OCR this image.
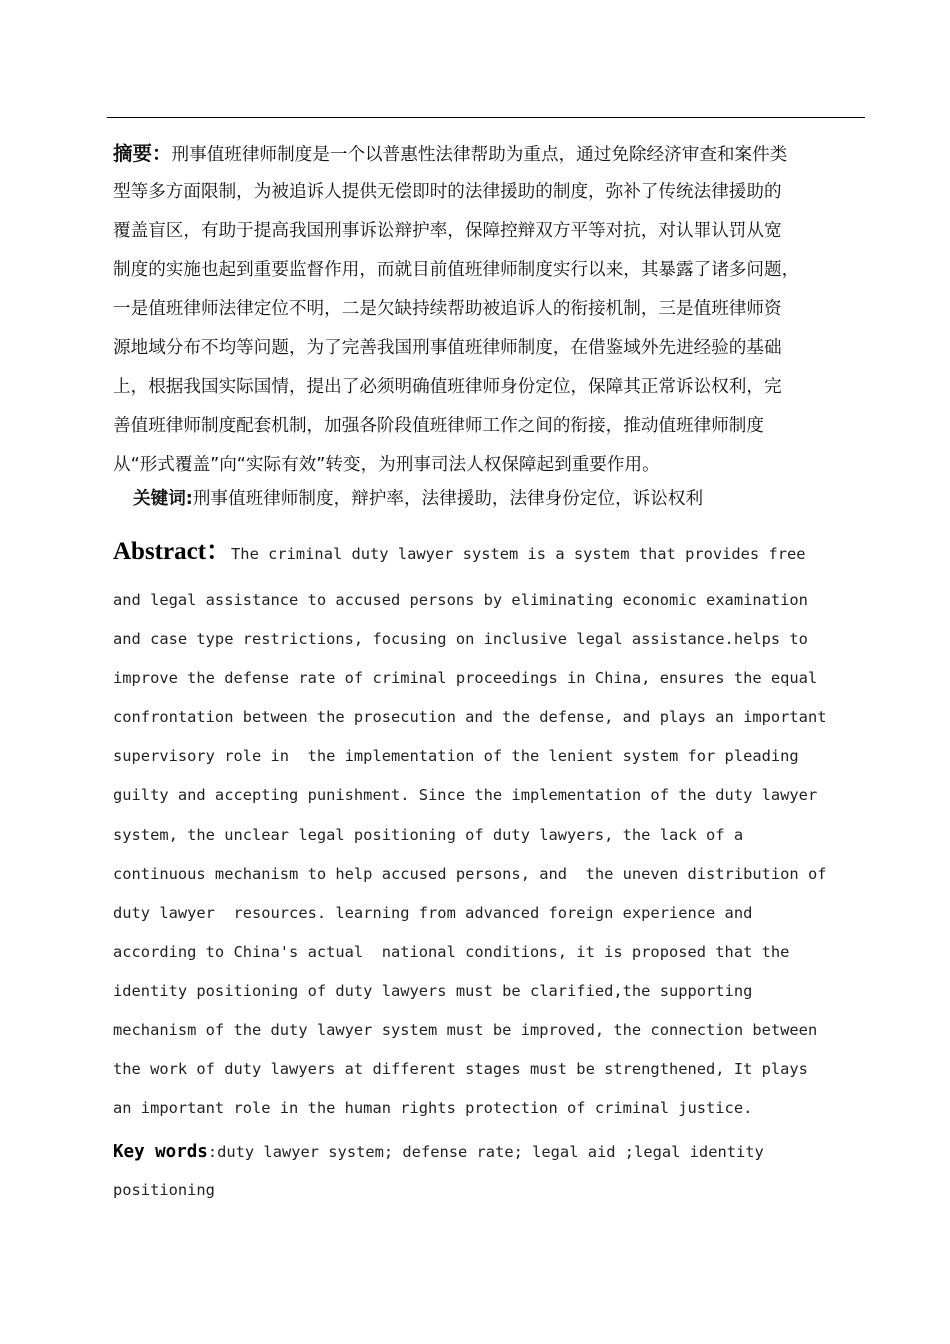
摘要：刑事值班律师制度是一个以普惠性法律帮助为重点，通过免除经济审查和案件类
型等多方面限制，为被追诉人提供无偿即时的法律援助的制度，弥补了传统法律援助的
覆盖盲区，有助于提高我国刑事诉讼辩护率，保障控辩双方平等对抗，对认罪认罚从宽
制度的实施也起到重要监督作用，而就目前值班律师制度实行以来，其暴露了诸多问题，
一是值班律师法律定位不明，二是欠缺持续帮助被追诉人的衔接机制，三是值班律师资
源地域分布不均等问题，为了完善我国刑事值班律师制度，在借鉴域外先进经验的基础
上，根据我国实际国情，提出了必须明确值班律师身份定位，保障其正常诉讼权利，完
善值班律师制度配套机制，加强各阶段值班律师工作之间的衔接，推动值班律师制度
从“形式覆盖”向“实际有效”转变，为刑事司法人权保障起到重要作用。
关键词:刑事值班律师制度，辩护率，法律援助，法律身份定位，诉讼权利
Abstract：The criminal duty lawyer system is a system that provides free
and legal assistance to accused persons by eliminating economic examination
and case type restrictions, focusing on inclusive legal assistance.helps to
improve the defense rate of criminal proceedings in China, ensures the equal
confrontation between the prosecution and the defense, and plays an important
supervisory role in  the implementation of the lenient system for pleading
guilty and accepting punishment. Since the implementation of the duty lawyer
system, the unclear legal positioning of duty lawyers, the lack of a
continuous mechanism to help accused persons, and  the uneven distribution of
duty lawyer  resources. learning from advanced foreign experience and
according to China's actual  national conditions, it is proposed that the
identity positioning of duty lawyers must be clarified,the supporting
mechanism of the duty lawyer system must be improved, the connection between
the work of duty lawyers at different stages must be strengthened, It plays
an important role in the human rights protection of criminal justice.
Key words:duty lawyer system; defense rate; legal aid ;legal identity
positioning
